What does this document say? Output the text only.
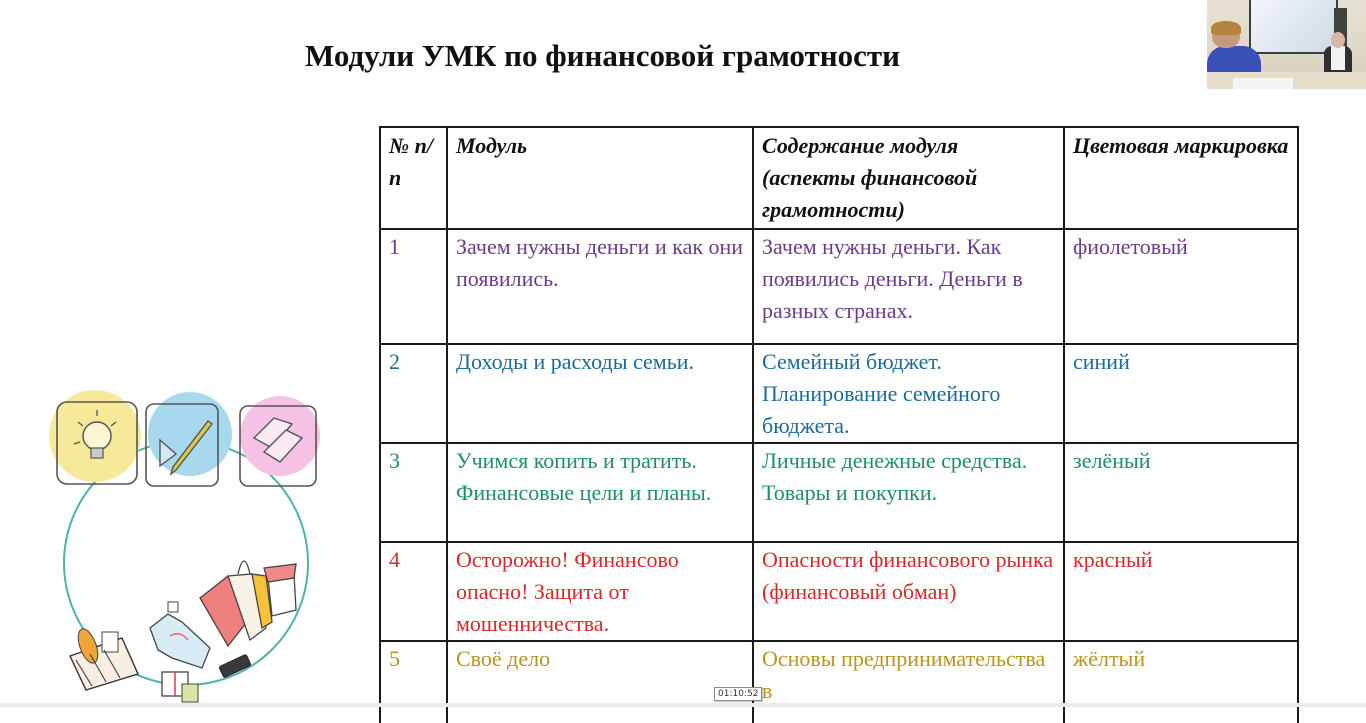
Модули УМК по финансовой грамотности
№ п/п	Модуль	Содержание модуля (аспекты финансовой грамотности)	Цветовая маркировка
1	Зачем нужны деньги и как они появились.	Зачем нужны деньги. Как появились деньги. Деньги в разных странах.	фиолетовый
2	Доходы и расходы семьи.	Семейный бюджет. Планирование семейного бюджета.	синий
3	Учимся копить и тратить. Финансовые цели и планы.	Личные денежные средства. Товары и покупки.	зелёный
4	Осторожно! Финансово опасно! Защита от мошенничества.	Опасности финансового рынка (финансовый обман)	красный
5	Своё дело	Основы предпринимательства в	жёлтый
01:10:52
